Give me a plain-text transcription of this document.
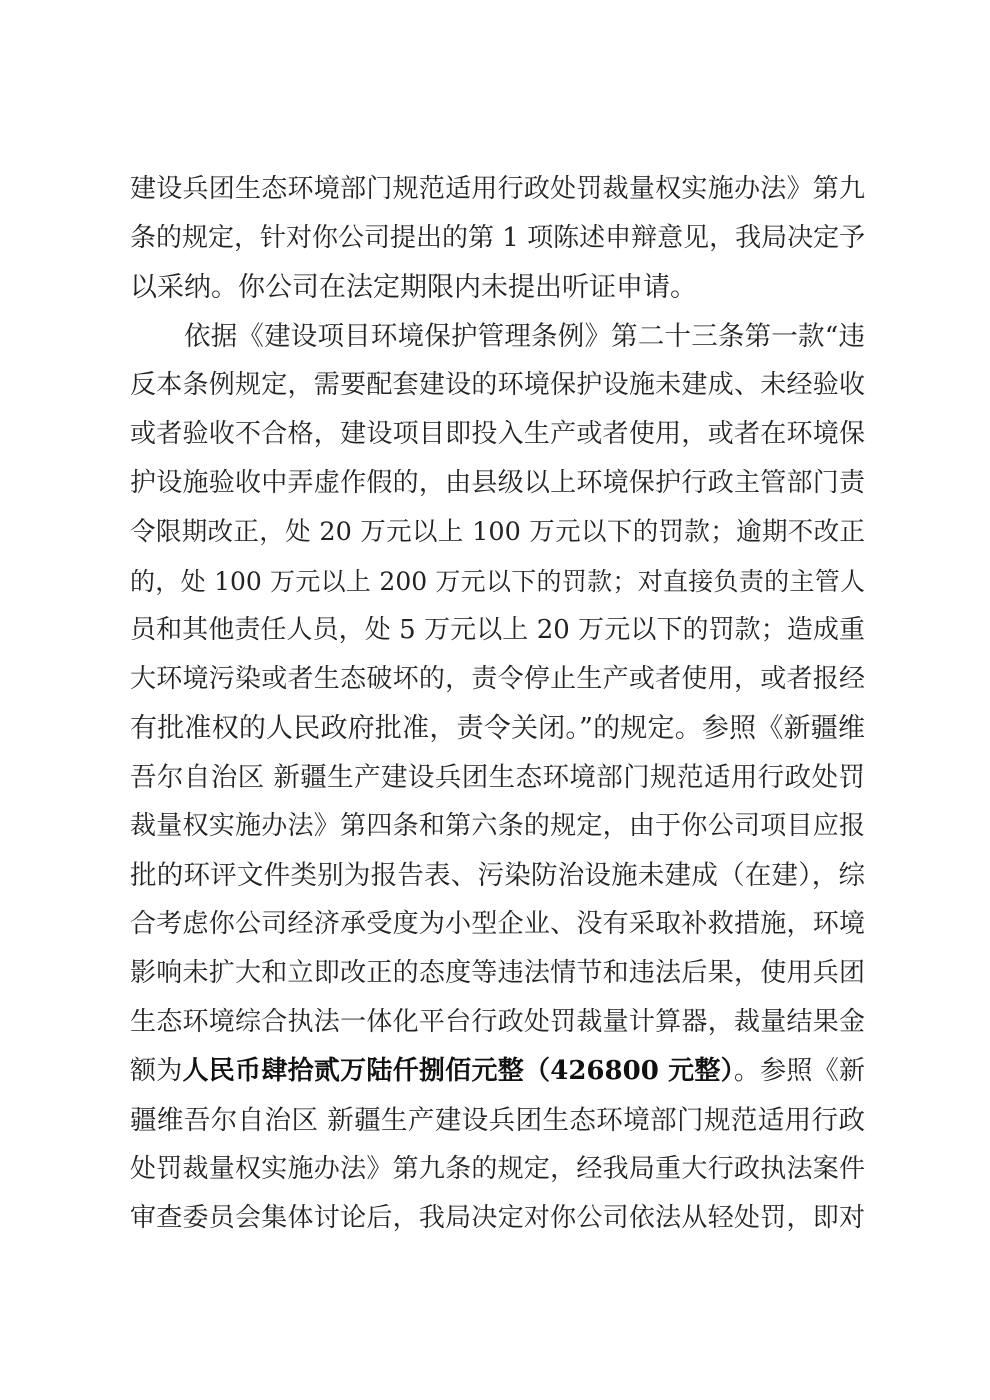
建设兵团生态环境部门规范适用行政处罚裁量权实施办法》第九
条的规定，针对你公司提出的第 1 项陈述申辩意见，我局决定予
以采纳。你公司在法定期限内未提出听证申请。
依据《建设项目环境保护管理条例》第二十三条第一款“违
反本条例规定，需要配套建设的环境保护设施未建成、未经验收
或者验收不合格，建设项目即投入生产或者使用，或者在环境保
护设施验收中弄虚作假的，由县级以上环境保护行政主管部门责
令限期改正，处 20 万元以上 100 万元以下的罚款；逾期不改正
的，处 100 万元以上 200 万元以下的罚款；对直接负责的主管人
员和其他责任人员，处 5 万元以上 20 万元以下的罚款；造成重
大环境污染或者生态破坏的，责令停止生产或者使用，或者报经
有批准权的人民政府批准，责令关闭。”的规定。参照《新疆维
吾尔自治区 新疆生产建设兵团生态环境部门规范适用行政处罚
裁量权实施办法》第四条和第六条的规定，由于你公司项目应报
批的环评文件类别为报告表、污染防治设施未建成（在建），综
合考虑你公司经济承受度为小型企业、没有采取补救措施，环境
影响未扩大和立即改正的态度等违法情节和违法后果，使用兵团
生态环境综合执法一体化平台行政处罚裁量计算器，裁量结果金
额为人民币肆拾贰万陆仟捌佰元整（426800 元整）。参照《新
疆维吾尔自治区 新疆生产建设兵团生态环境部门规范适用行政
处罚裁量权实施办法》第九条的规定，经我局重大行政执法案件
审查委员会集体讨论后，我局决定对你公司依法从轻处罚，即对
